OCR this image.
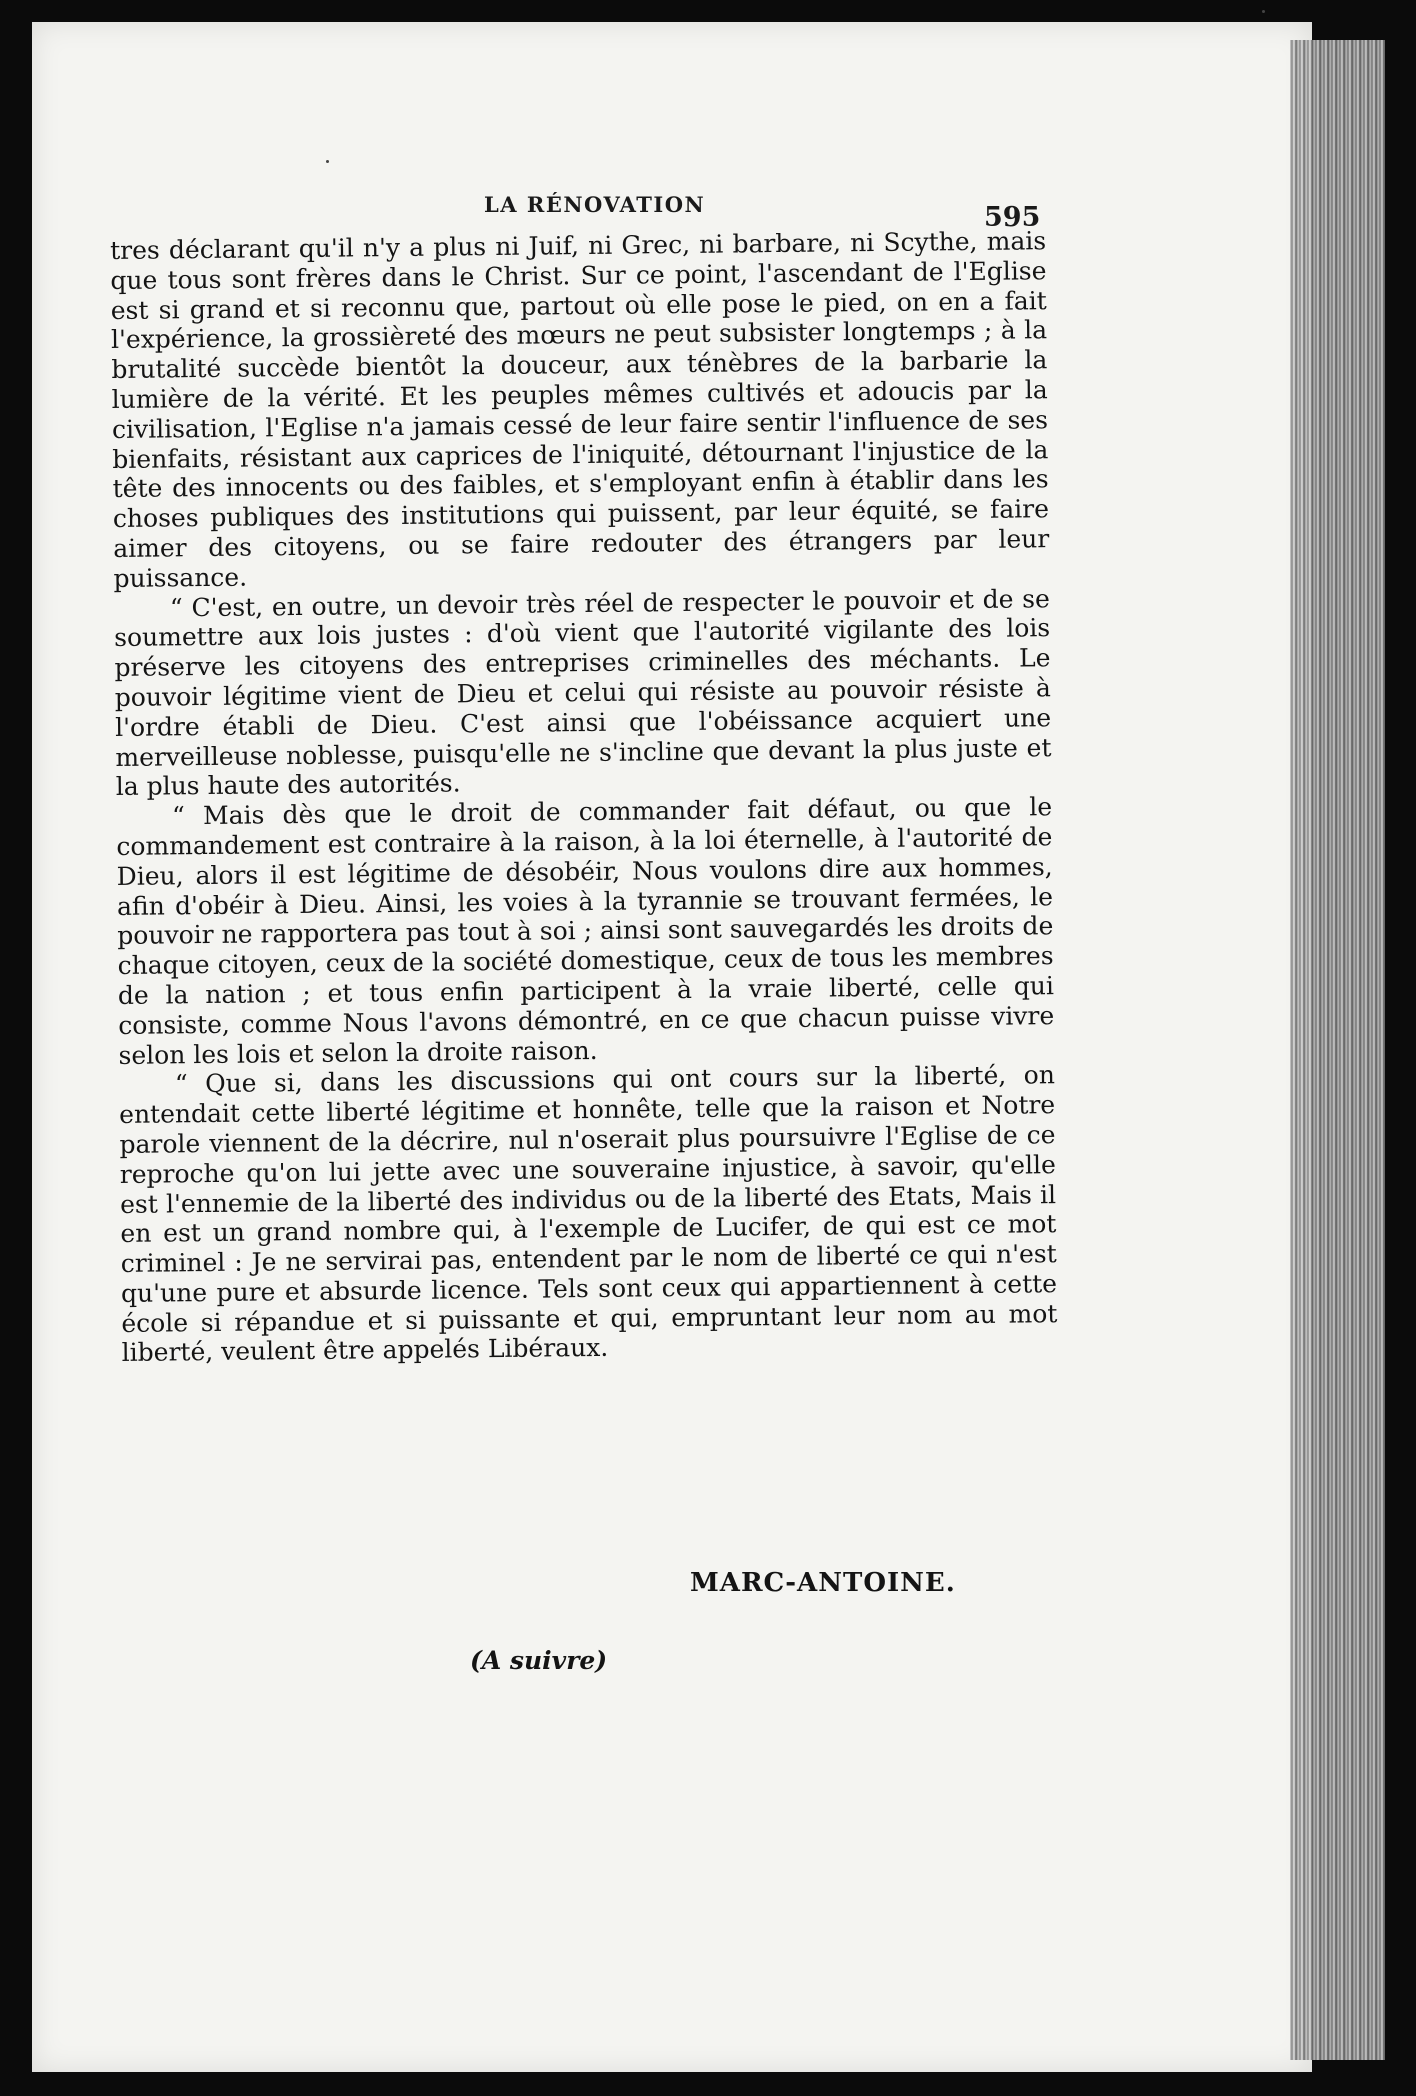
LA RÉNOVATION	595

tres déclarant qu'il n'y a plus ni Juif, ni Grec, ni barbare, ni Scythe, mais que tous sont frères dans le Christ. Sur ce point, l'ascendant de l'Eglise est si grand et si reconnu que, partout où elle pose le pied, on en a fait l'expérience, la grossièreté des mœurs ne peut subsister longtemps ; à la brutalité succède bientôt la douceur, aux ténèbres de la barbarie la lumière de la vérité. Et les peuples mêmes cultivés et adoucis par la civilisation, l'Eglise n'a jamais cessé de leur faire sentir l'influence de ses bienfaits, résistant aux caprices de l'iniquité, détournant l'injustice de la tête des innocents ou des faibles, et s'employant enfin à établir dans les choses publiques des institutions qui puissent, par leur équité, se faire aimer des citoyens, ou se faire redouter des étrangers par leur puissance.

“ C'est, en outre, un devoir très réel de respecter le pouvoir et de se soumettre aux lois justes : d'où vient que l'autorité vigilante des lois préserve les citoyens des entreprises criminelles des méchants. Le pouvoir légitime vient de Dieu et celui qui résiste au pouvoir résiste à l'ordre établi de Dieu. C'est ainsi que l'obéissance acquiert une merveilleuse noblesse, puisqu'elle ne s'incline que devant la plus juste et la plus haute des autorités.

“ Mais dès que le droit de commander fait défaut, ou que le commandement est contraire à la raison, à la loi éternelle, à l'autorité de Dieu, alors il est légitime de désobéir, Nous voulons dire aux hommes, afin d'obéir à Dieu. Ainsi, les voies à la tyrannie se trouvant fermées, le pouvoir ne rapportera pas tout à soi ; ainsi sont sauvegardés les droits de chaque citoyen, ceux de la société domestique, ceux de tous les membres de la nation ; et tous enfin participent à la vraie liberté, celle qui consiste, comme Nous l'avons démontré, en ce que chacun puisse vivre selon les lois et selon la droite raison.

“ Que si, dans les discussions qui ont cours sur la liberté, on entendait cette liberté légitime et honnête, telle que la raison et Notre parole viennent de la décrire, nul n'oserait plus poursuivre l'Eglise de ce reproche qu'on lui jette avec une souveraine injustice, à savoir, qu'elle est l'ennemie de la liberté des individus ou de la liberté des Etats, Mais il en est un grand nombre qui, à l'exemple de Lucifer, de qui est ce mot criminel : Je ne servirai pas, entendent par le nom de liberté ce qui n'est qu'une pure et absurde licence. Tels sont ceux qui appartiennent à cette école si répandue et si puissante et qui, empruntant leur nom au mot liberté, veulent être appelés Libéraux.

MARC-ANTOINE.
(A suivre)
